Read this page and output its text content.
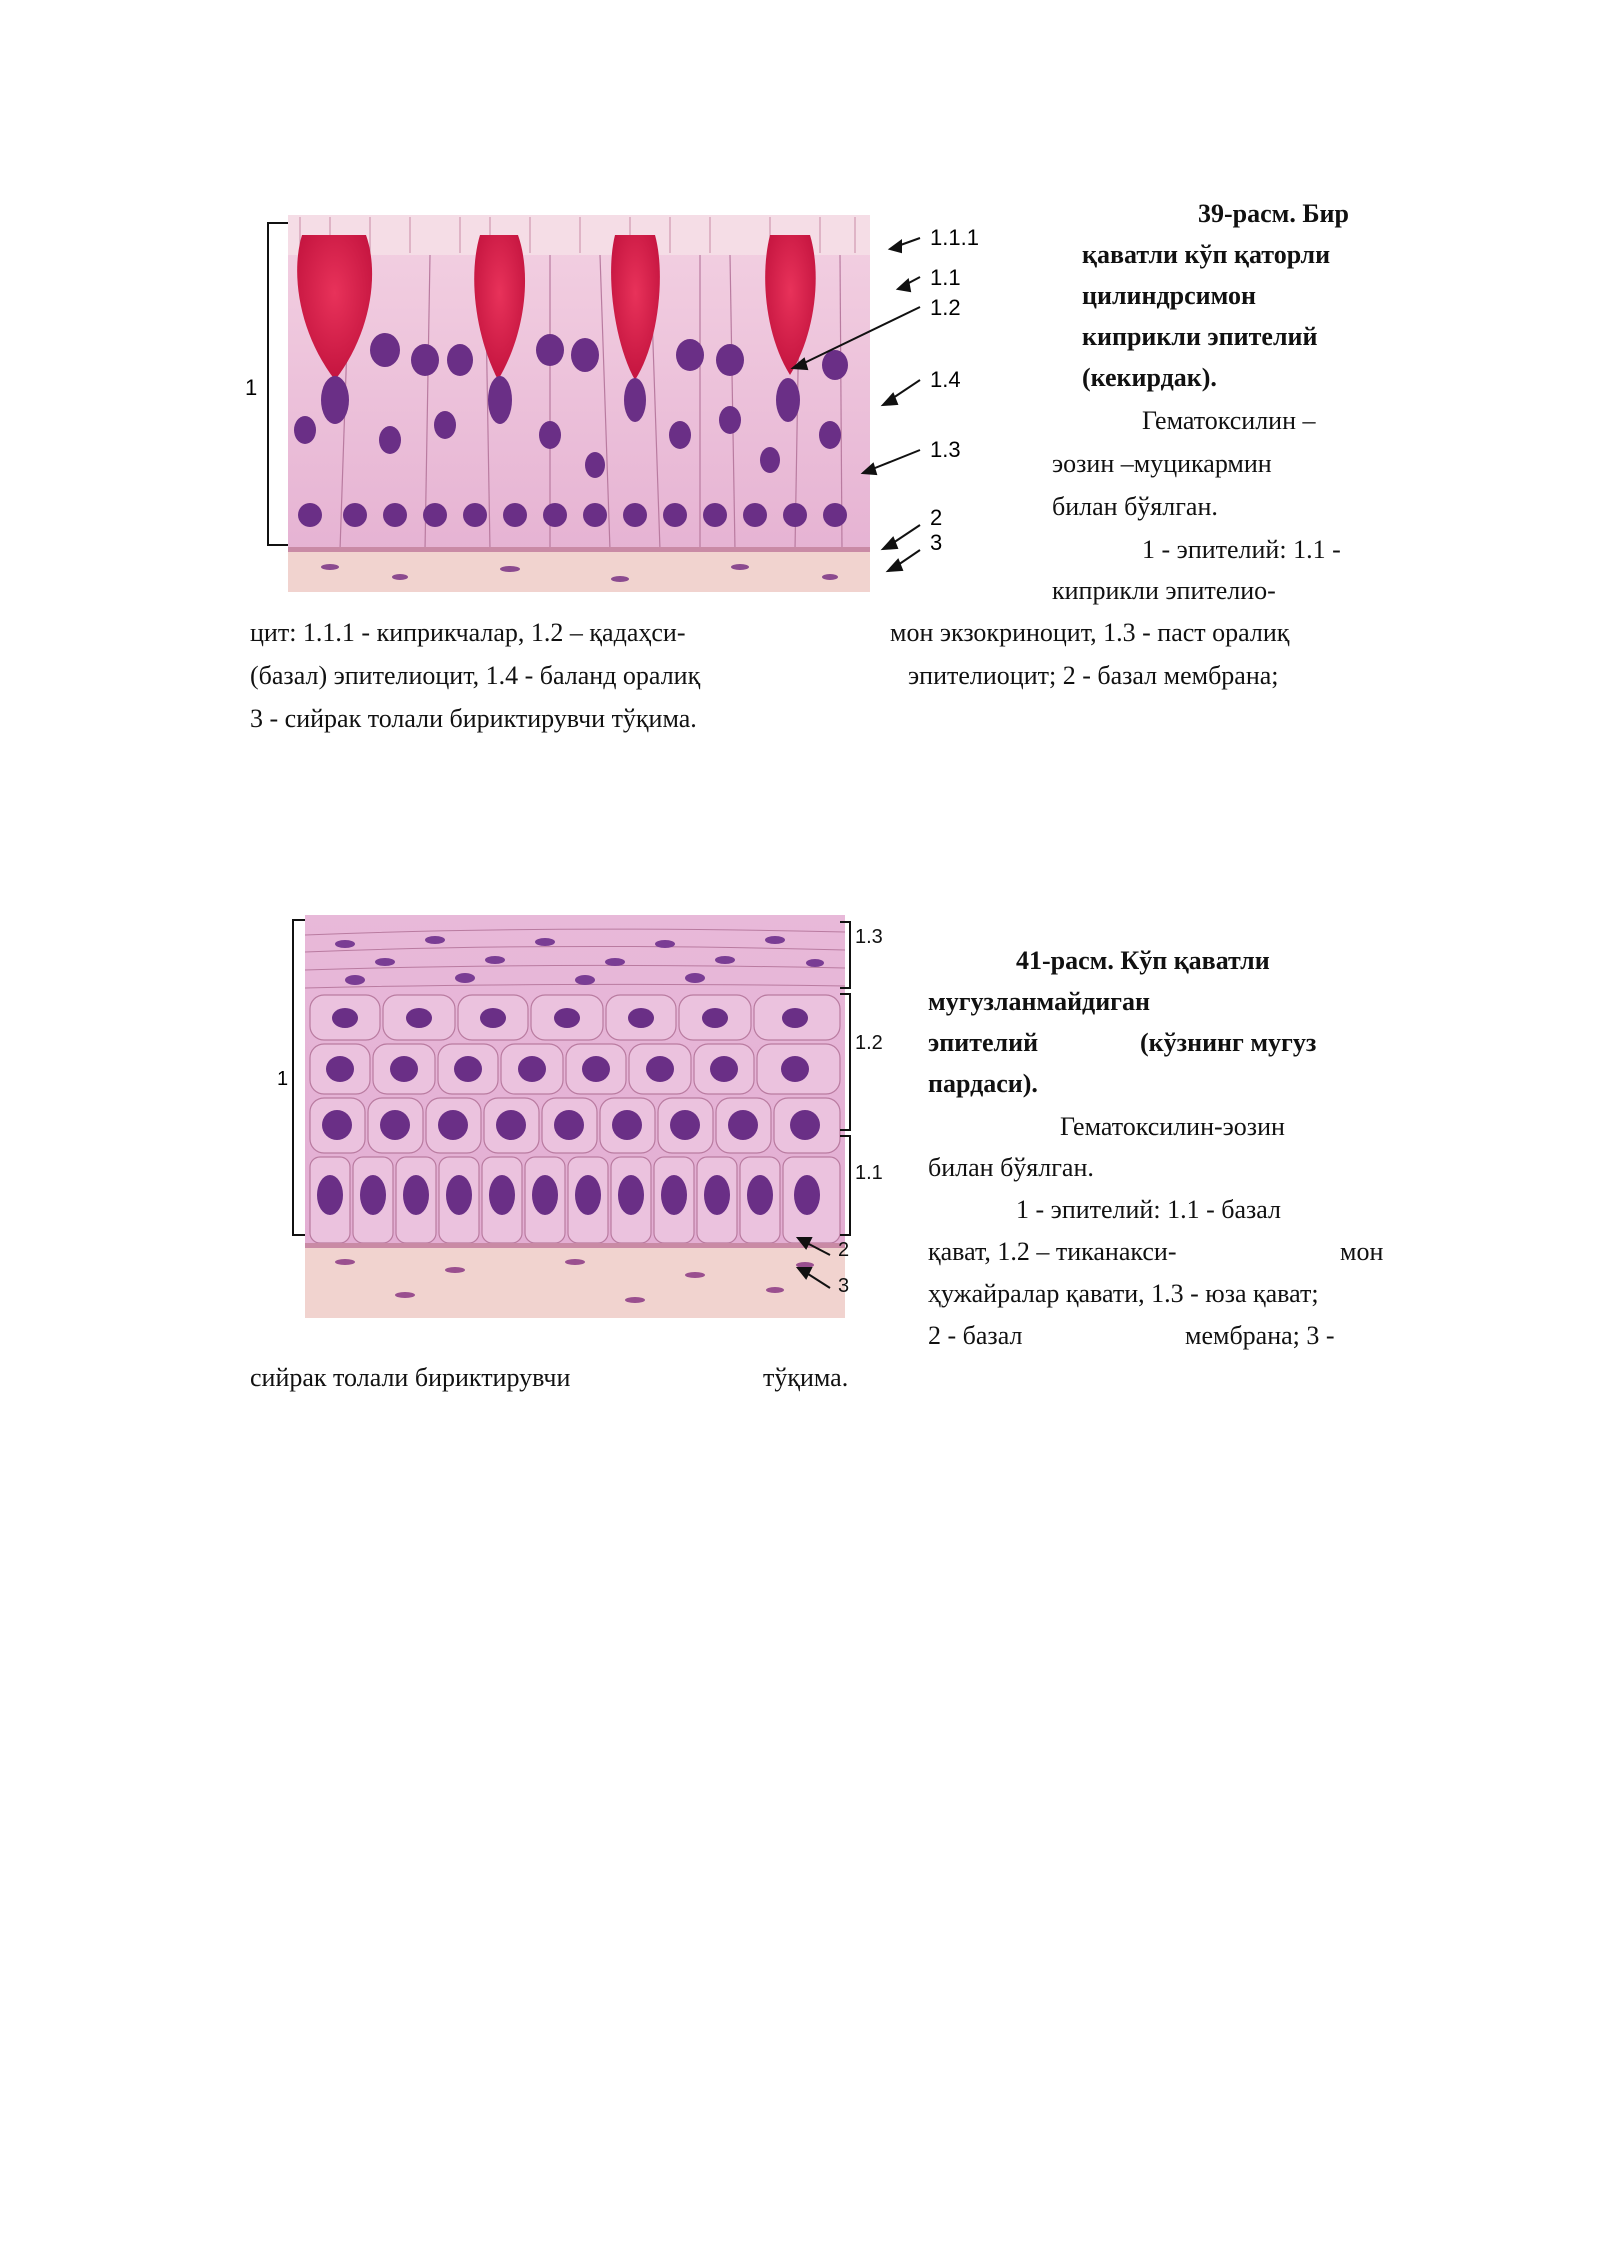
1
1.1.1
1.1
1.2
1.4
1.3
2
3
39-расм. Бир
қаватли кўп қаторли
цилиндрсимон
киприкли эпителий
(кекирдак).
Гематоксилин –
эозин –муцикармин
билан бўялган.
1 - эпителий: 1.1 -
киприкли эпителио-
цит: 1.1.1 - киприкчалар, 1.2 – қадаҳси-	мон экзокриноцит, 1.3 - паст оралиқ
(базал) эпителиоцит, 1.4 - баланд оралиқ	эпителиоцит; 2 - базал мембрана;
3 - сийрак толали бириктирувчи тўқима.
1
1.3
1.2
1.1
2
3
41-расм. Кўп қаватли
мугузланмайдиган
эпителий	(кўзнинг мугуз
пардаси).
Гематоксилин-эозин
билан бўялган.
1 - эпителий: 1.1 - базал
қават, 1.2 – тиканакси-	мон
ҳужайралар қавати, 1.3 - юза қават;
2 - базал	мембрана; 3 -
сийрак толали бириктирувчи	тўқима.
